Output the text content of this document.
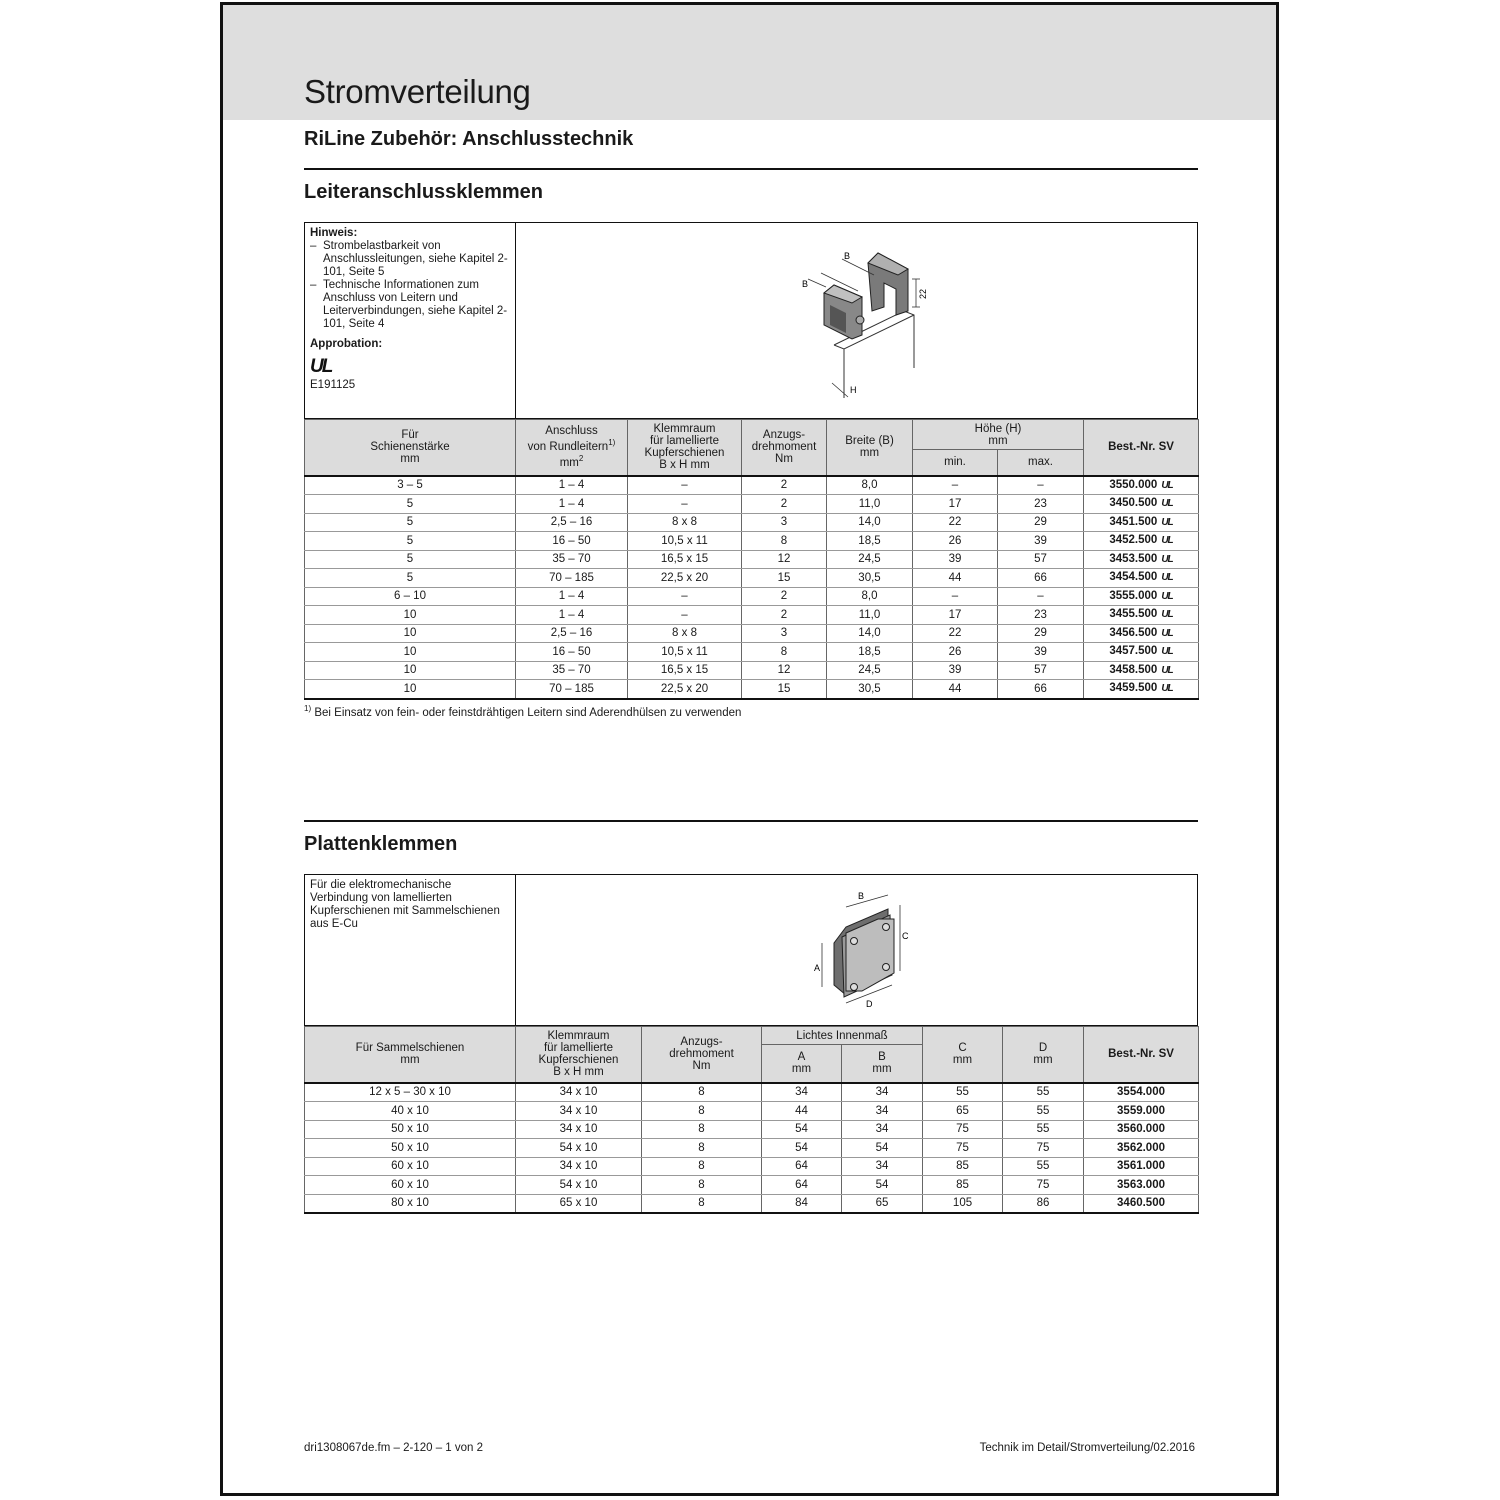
Stromverteilung
RiLine Zubehör: Anschlusstechnik
Leiteranschlussklemmen
Hinweis:
– Strombelastbarkeit von Anschlussleitungen, siehe Kapitel 2-101, Seite 5
– Technische Informationen zum Anschluss von Leitern und Leiterverbindungen, siehe Kapitel 2-101, Seite 4
Approbation:
UL
E191125
B
B
22
H
Für
Schienenstärke
mm	Anschluss
von Rundleitern$^{1)}$
$mm^2$	Klemmraum
für lamellierte
Kupferschienen
B x H mm	Anzugs-
drehmoment
Nm	Breite (B)
mm	Höhe (H)
mm		Best.-Nr. SV
					min.	max.	
3 – 5	1 – 4	–	2	8,0	–	–	3550.000 UL
5	1 – 4	–	2	11,0	17	23	3450.500 UL
5	2,5 – 16	8 x 8	3	14,0	22	29	3451.500 UL
5	16 – 50	10,5 x 11	8	18,5	26	39	3452.500 UL
5	35 – 70	16,5 x 15	12	24,5	39	57	3453.500 UL
5	70 – 185	22,5 x 20	15	30,5	44	66	3454.500 UL
6 – 10	1 – 4	–	2	8,0	–	–	3555.000 UL
10	1 – 4	–	2	11,0	17	23	3455.500 UL
10	2,5 – 16	8 x 8	3	14,0	22	29	3456.500 UL
10	16 – 50	10,5 x 11	8	18,5	26	39	3457.500 UL
10	35 – 70	16,5 x 15	12	24,5	39	57	3458.500 UL
10	70 – 185	22,5 x 20	15	30,5	44	66	3459.500 UL
$^{1)}$ Bei Einsatz von fein- oder feinstdrähtigen Leitern sind Aderendhülsen zu verwenden
Plattenklemmen
Für die elektromechanische Verbindung von lamellierten Kupferschienen mit Sammelschienen aus E-Cu
A
B
C
D
Für Sammelschienen
mm	Klemmraum
für lamellierte
Kupferschienen
B x H mm	Anzugs-
drehmoment
Nm	Lichtes Innenmaß		C
mm	D
mm	Best.-Nr. SV
			A
mm	B
mm			
12 x 5 – 30 x 10	34 x 10	8	34	34	55	55	3554.000
40 x 10	34 x 10	8	44	34	65	55	3559.000
50 x 10	34 x 10	8	54	34	75	55	3560.000
50 x 10	54 x 10	8	54	54	75	75	3562.000
60 x 10	34 x 10	8	64	34	85	55	3561.000
60 x 10	54 x 10	8	64	54	85	75	3563.000
80 x 10	65 x 10	8	84	65	105	86	3460.500
dri1308067de.fm – 2-120 – 1 von 2	Technik im Detail/Stromverteilung/02.2016
